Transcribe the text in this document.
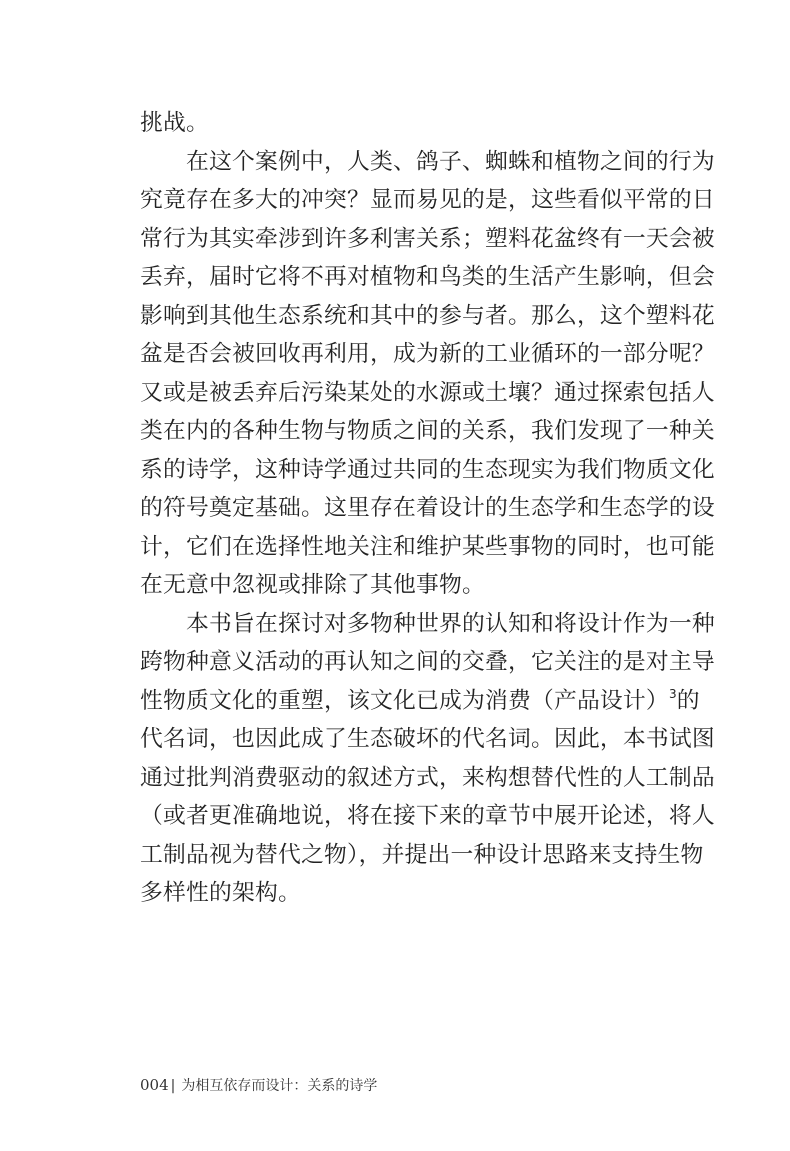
挑战。
　　在这个案例中，人类、鸽子、蜘蛛和植物之间的行为
究竟存在多大的冲突？显而易见的是，这些看似平常的日
常行为其实牵涉到许多利害关系；塑料花盆终有一天会被
丢弃，届时它将不再对植物和鸟类的生活产生影响，但会
影响到其他生态系统和其中的参与者。那么，这个塑料花
盆是否会被回收再利用，成为新的工业循环的一部分呢？
又或是被丢弃后污染某处的水源或土壤？通过探索包括人
类在内的各种生物与物质之间的关系，我们发现了一种关
系的诗学，这种诗学通过共同的生态现实为我们物质文化
的符号奠定基础。这里存在着设计的生态学和生态学的设
计，它们在选择性地关注和维护某些事物的同时，也可能
在无意中忽视或排除了其他事物。
　　本书旨在探讨对多物种世界的认知和将设计作为一种
跨物种意义活动的再认知之间的交叠，它关注的是对主导
性物质文化的重塑，该文化已成为消费（产品设计）$^3$的
代名词，也因此成了生态破坏的代名词。因此，本书试图
通过批判消费驱动的叙述方式，来构想替代性的人工制品
（或者更准确地说，将在接下来的章节中展开论述，将人
工制品视为替代之物），并提出一种设计思路来支持生物
多样性的架构。
004 | 为相互依存而设计：关系的诗学
